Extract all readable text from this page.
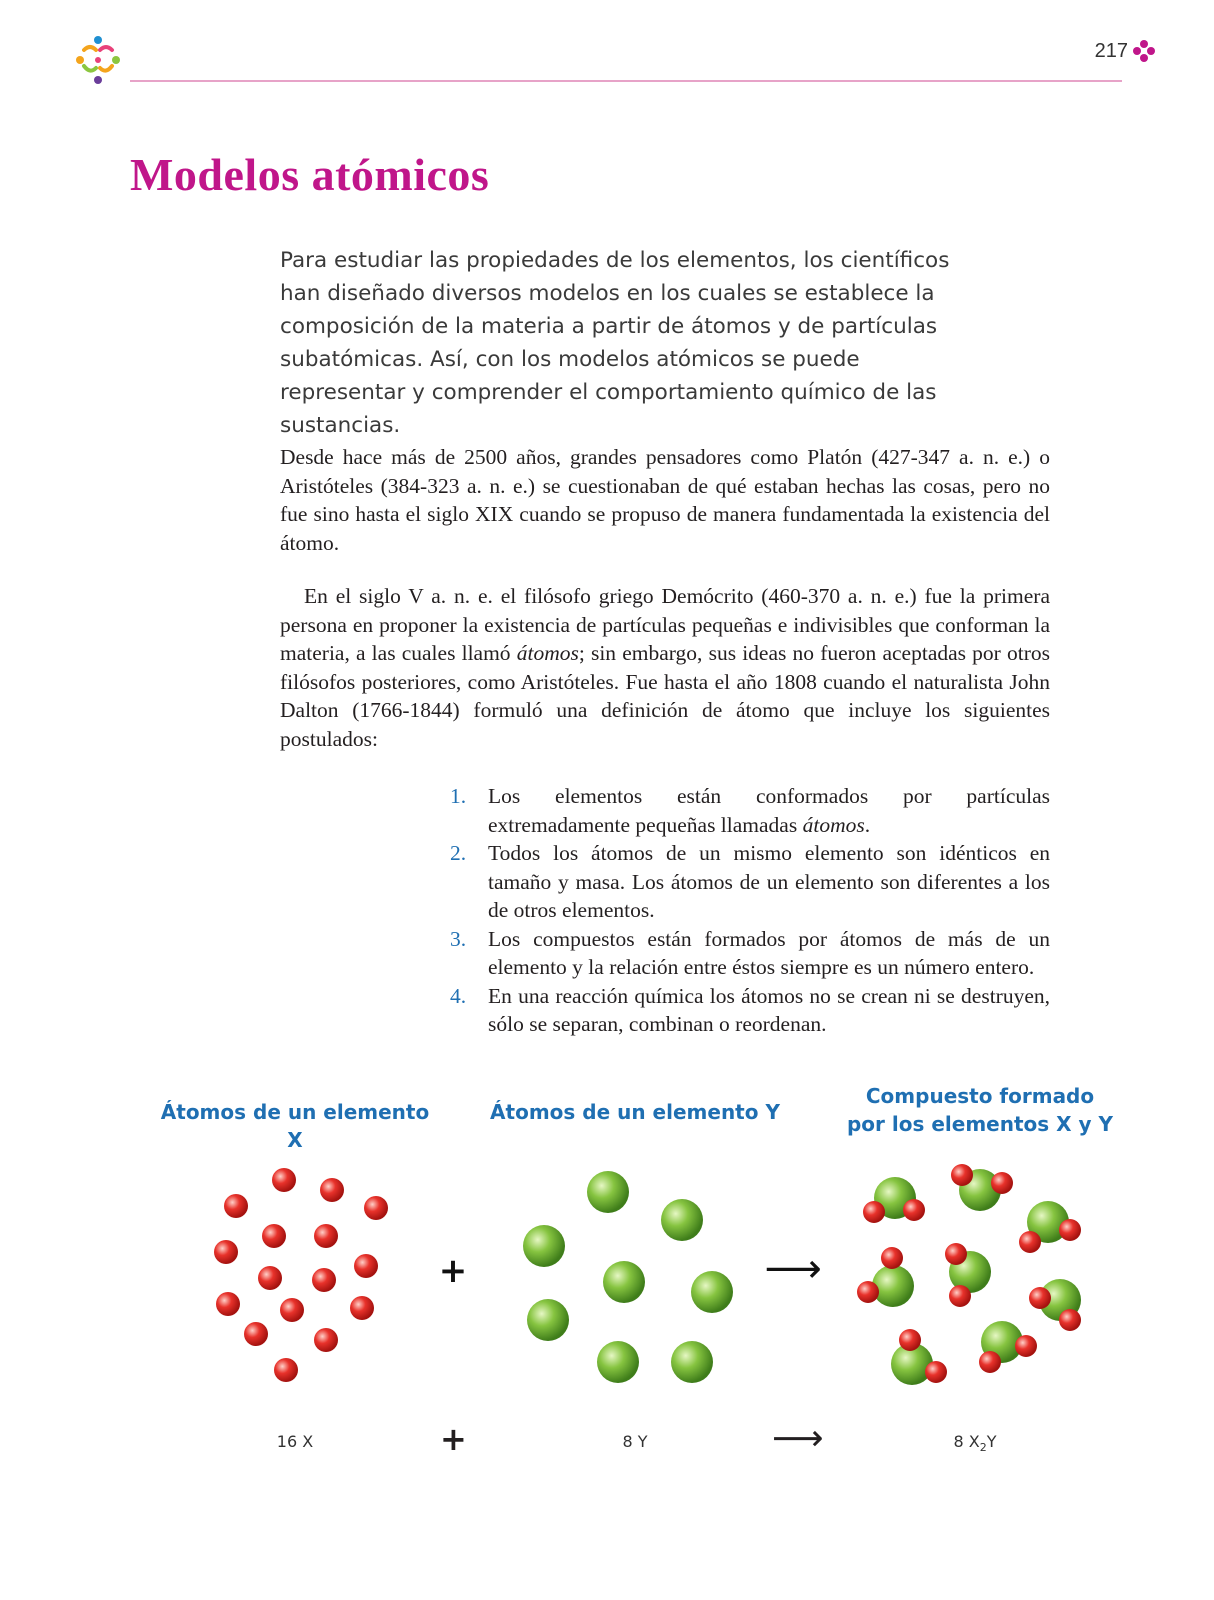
217
Modelos atómicos

Para estudiar las propiedades de los elementos, los científicos han diseñado diversos modelos en los cuales se establece la composición de la materia a partir de átomos y de partículas subatómicas. Así, con los modelos atómicos se puede representar y comprender el comportamiento químico de las sustancias.

Desde hace más de 2500 años, grandes pensadores como Platón (427-347 a. n. e.) o Aristóteles (384-323 a. n. e.) se cuestionaban de qué estaban hechas las cosas, pero no fue sino hasta el siglo XIX cuando se propuso de manera fundamentada la existencia del átomo.

En el siglo V a. n. e. el filósofo griego Demócrito (460-370 a. n. e.) fue la primera persona en proponer la existencia de partículas pequeñas e indivisibles que conforman la materia, a las cuales llamó átomos; sin embargo, sus ideas no fueron aceptadas por otros filósofos posteriores, como Aristóteles. Fue hasta el año 1808 cuando el naturalista John Dalton (1766-1844) formuló una definición de átomo que incluye los siguientes postulados:

1. Los elementos están conformados por partículas extremadamente pequeñas llamadas átomos.
2. Todos los átomos de un mismo elemento son idénticos en tamaño y masa. Los átomos de un elemento son diferentes a los de otros elementos.
3. Los compuestos están formados por átomos de más de un elemento y la relación entre éstos siempre es un número entero.
4. En una reacción química los átomos no se crean ni se destruyen, sólo se separan, combinan o reordenan.

Átomos de un elemento X

Átomos de un elemento Y

Compuesto formado
por los elementos X y Y
+	⟶
16 X	+	8 Y	⟶	8 $X_2Y$
